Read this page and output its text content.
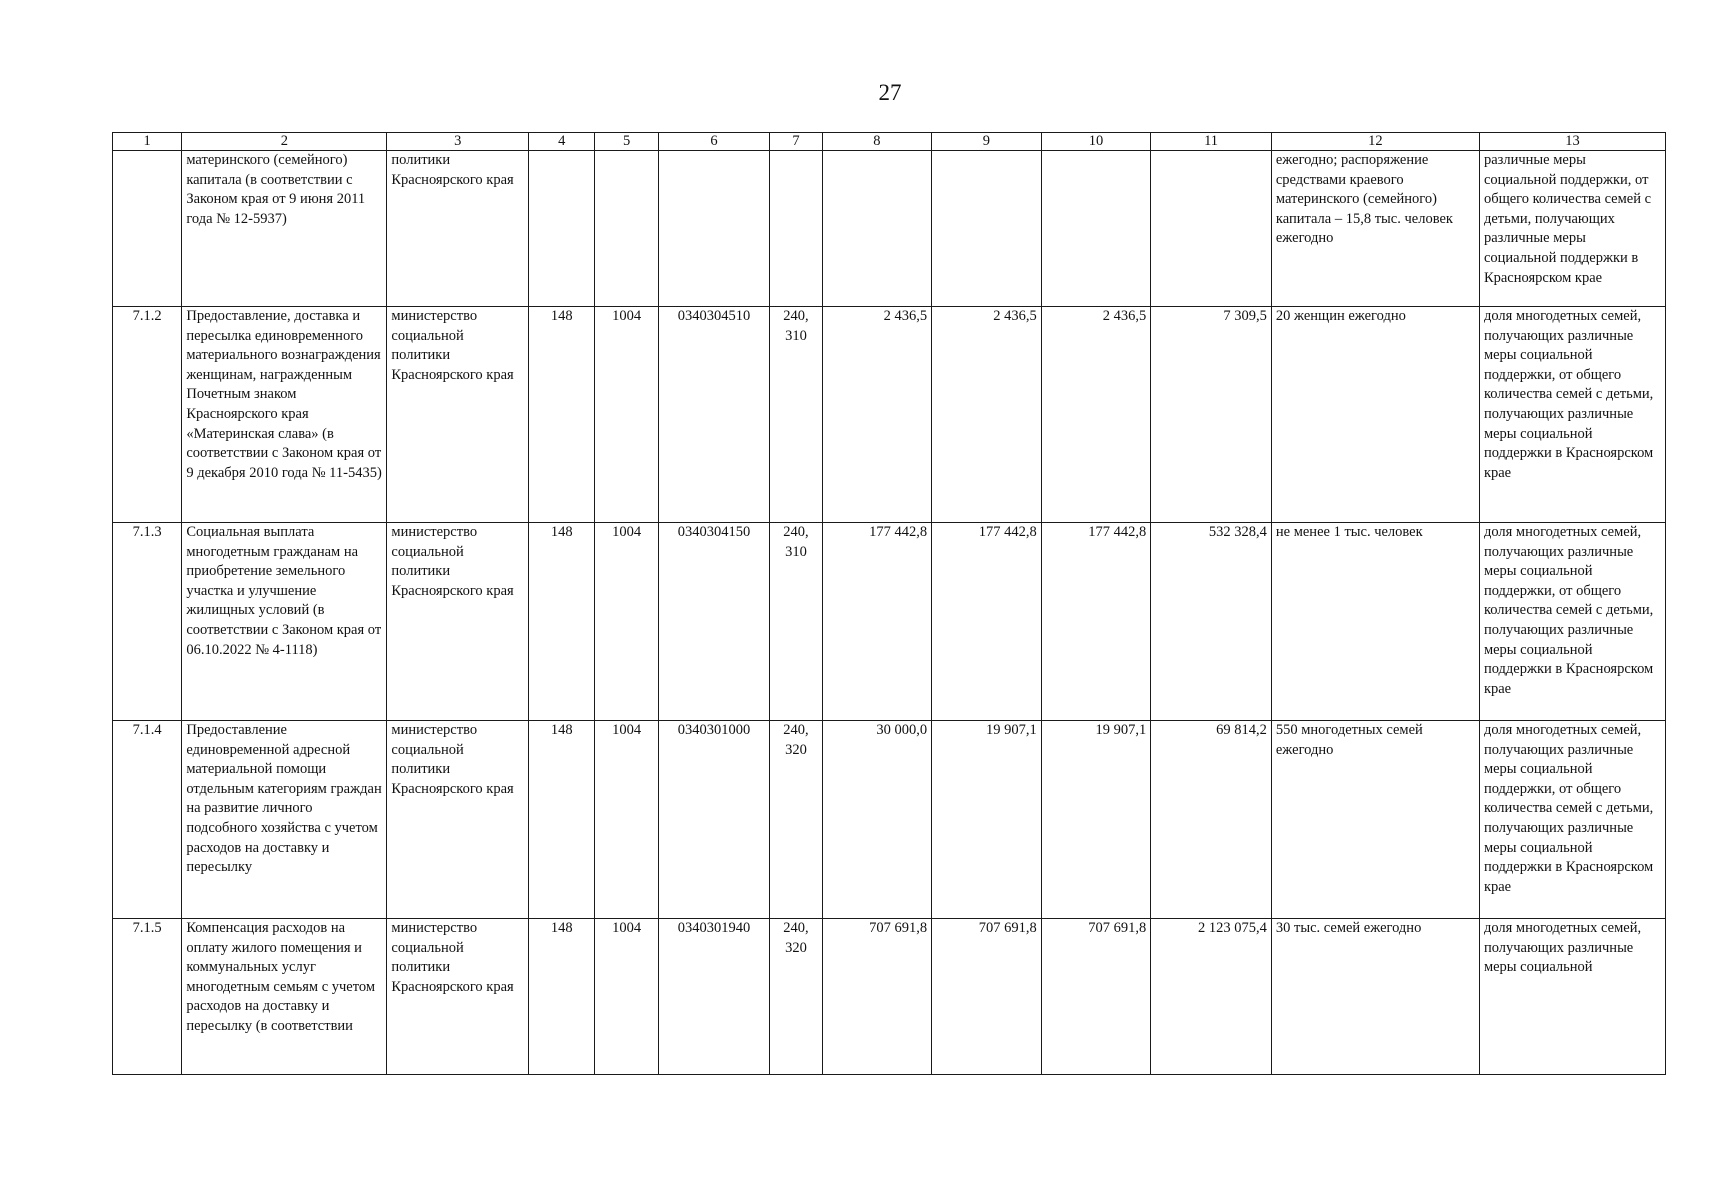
27
1	2	3	4	5	6	7	8	9	10	11	12	13
	материнского (семейного) капитала (в соответствии с Законом края от 9 июня 2011 года № 12-5937)	политики Красноярского края									ежегодно; распоряжение средствами краевого материнского (семейного) капитала – 15,8 тыс. человек ежегодно	различные меры социальной поддержки, от общего количества семей с детьми, получающих различные меры социальной поддержки в Красноярском крае
7.1.2	Предоставление, доставка и пересылка единовременного материального вознаграждения женщинам, награжденным Почетным знаком Красноярского края «Материнская слава» (в соответствии с Законом края от 9 декабря 2010 года № 11-5435)	министерство социальной политики Красноярского края	148	1004	0340304510	240, 310	2 436,5	2 436,5	2 436,5	7 309,5	20 женщин ежегодно	доля многодетных семей, получающих различные меры социальной поддержки, от общего количества семей с детьми, получающих различные меры социальной поддержки в Красноярском крае
7.1.3	Социальная выплата многодетным гражданам на приобретение земельного участка и улучшение жилищных условий (в соответствии с Законом края от 06.10.2022 № 4-1118)	министерство социальной политики Красноярского края	148	1004	0340304150	240, 310	177 442,8	177 442,8	177 442,8	532 328,4	не менее 1 тыс. человек	доля многодетных семей, получающих различные меры социальной поддержки, от общего количества семей с детьми, получающих различные меры социальной поддержки в Красноярском крае
7.1.4	Предоставление единовременной адресной материальной помощи отдельным категориям граждан на развитие личного подсобного хозяйства с учетом расходов на доставку и пересылку	министерство социальной политики Красноярского края	148	1004	0340301000	240, 320	30 000,0	19 907,1	19 907,1	69 814,2	550 многодетных семей ежегодно	доля многодетных семей, получающих различные меры социальной поддержки, от общего количества семей с детьми, получающих различные меры социальной поддержки в Красноярском крае
7.1.5	Компенсация расходов на оплату жилого помещения и коммунальных услуг многодетным семьям с учетом расходов на доставку и пересылку (в соответствии	министерство социальной политики Красноярского края	148	1004	0340301940	240, 320	707 691,8	707 691,8	707 691,8	2 123 075,4	30 тыс. семей ежегодно	доля многодетных семей, получающих различные меры социальной
